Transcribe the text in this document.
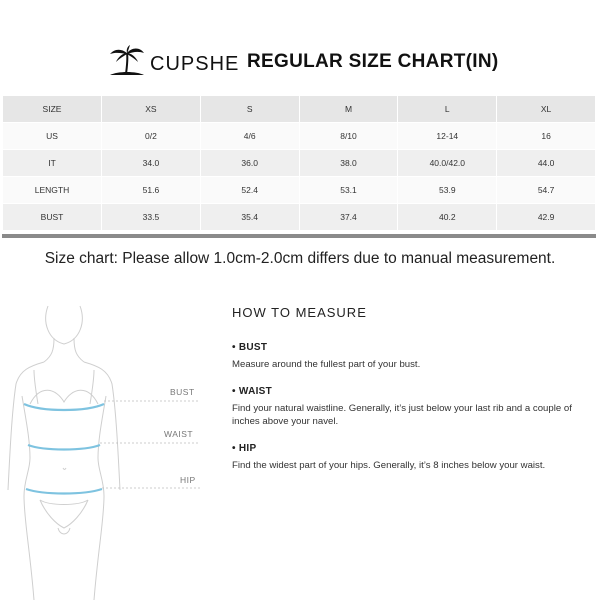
CUPSHE REGULAR SIZE CHART(IN)
SIZE	XS	S	M	L	XL
US	0/2	4/6	8/10	12-14	16
IT	34.0	36.0	38.0	40.0/42.0	44.0
LENGTH	51.6	52.4	53.1	53.9	54.7
BUST	33.5	35.4	37.4	40.2	42.9
Size chart: Please allow 1.0cm-2.0cm differs due to manual measurement.
BUST
WAIST
HIP
HOW TO MEASURE
• BUST
Measure around the fullest part of your bust.
• WAIST
Find your natural waistline. Generally, it’s just below your last rib and a couple of inches above your navel.
• HIP
Find the widest part of your hips. Generally, it’s 8 inches below your waist.
